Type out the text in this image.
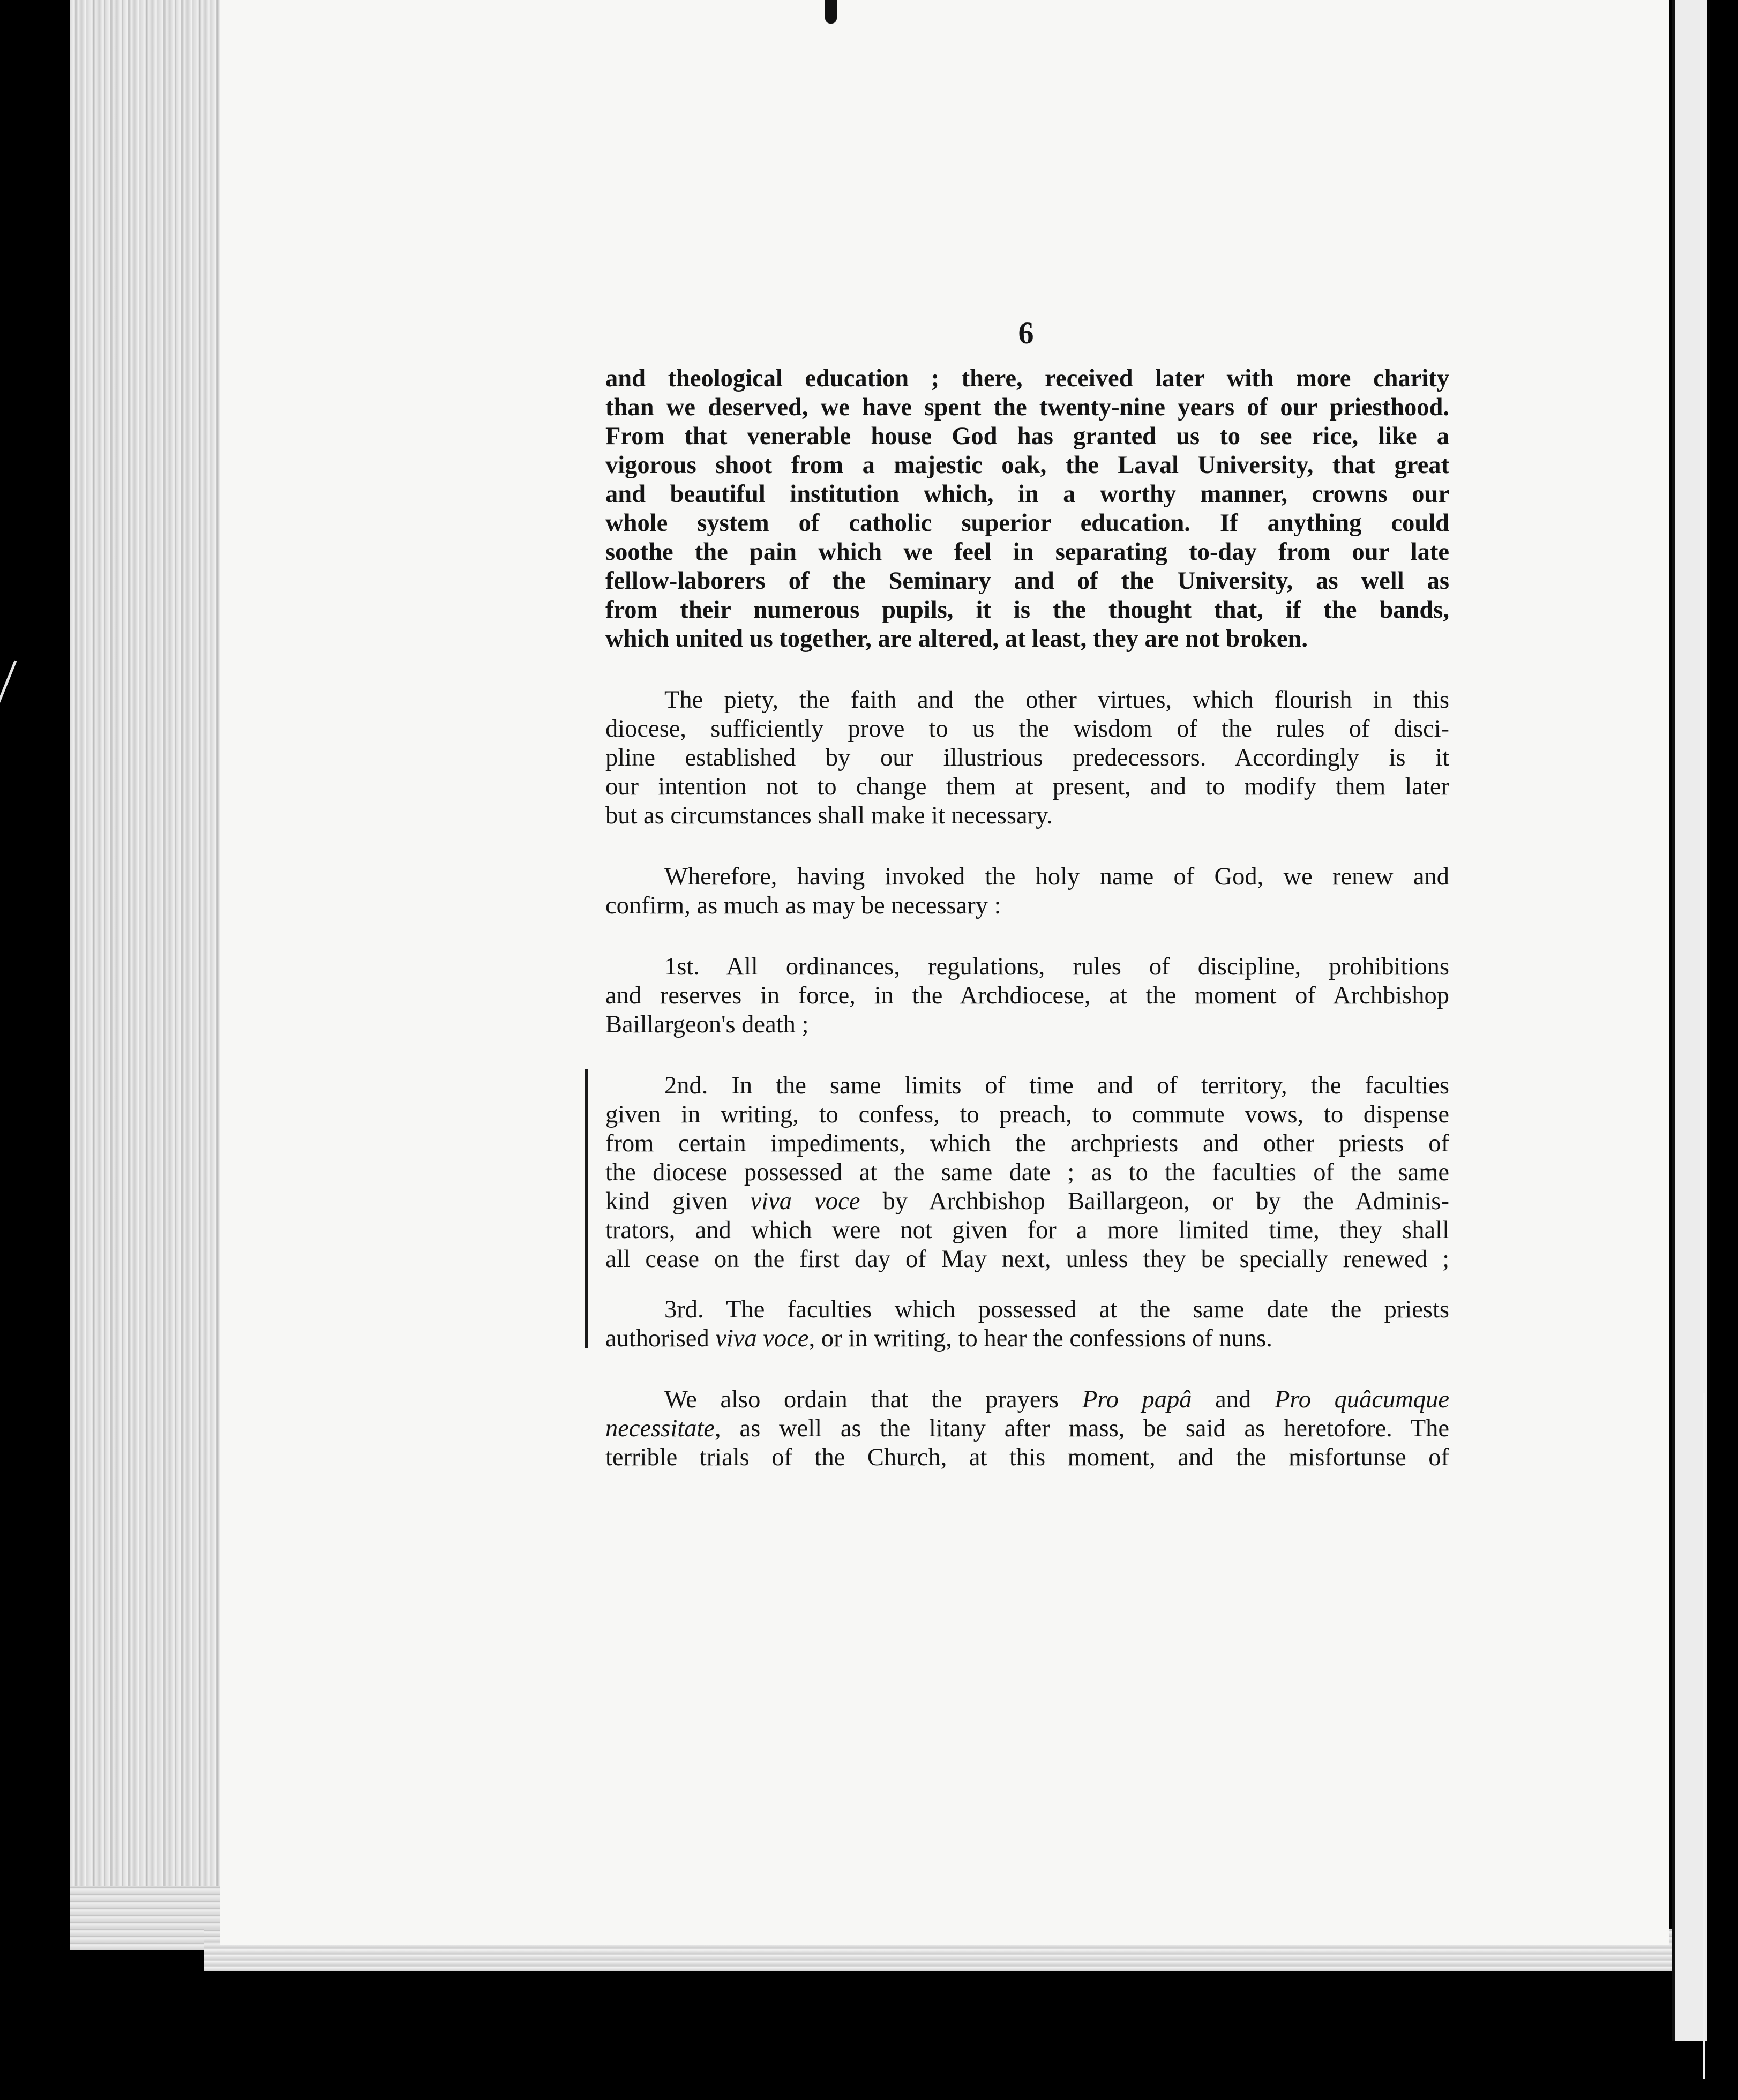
6

and theological education ; there, received later with more charity
than we deserved, we have spent the twenty-nine years of our priesthood.
From that venerable house God has granted us to see rice, like a
vigorous shoot from a majestic oak, the Laval University, that great
and beautiful institution which, in a worthy manner, crowns our
whole system of catholic superior education. If anything could
soothe the pain which we feel in separating to-day from our late
fellow-laborers of the Seminary and of the University, as well as
from their numerous pupils, it is the thought that, if the bands,
which united us together, are altered, at least, they are not broken.
The piety, the faith and the other virtues, which flourish in this
diocese, sufficiently prove to us the wisdom of the rules of disci-
pline established by our illustrious predecessors. Accordingly is it
our intention not to change them at present, and to modify them later
but as circumstances shall make it necessary.
Wherefore, having invoked the holy name of God, we renew and
confirm, as much as may be necessary :
1st. All ordinances, regulations, rules of discipline, prohibitions
and reserves in force, in the Archdiocese, at the moment of Archbishop
Baillargeon's death ;
2nd. In the same limits of time and of territory, the faculties
given in writing, to confess, to preach, to commute vows, to dispense
from certain impediments, which the archpriests and other priests of
the diocese possessed at the same date ; as to the faculties of the same
kind given viva voce by Archbishop Baillargeon, or by the Adminis-
trators, and which were not given for a more limited time, they shall
all cease on the first day of May next, unless they be specially renewed ;
3rd. The faculties which possessed at the same date the priests
authorised viva voce, or in writing, to hear the confessions of nuns.
We also ordain that the prayers Pro papâ and Pro quâcumque
necessitate, as well as the litany after mass, be said as heretofore. The
terrible trials of the Church, at this moment, and the misfortunse of
